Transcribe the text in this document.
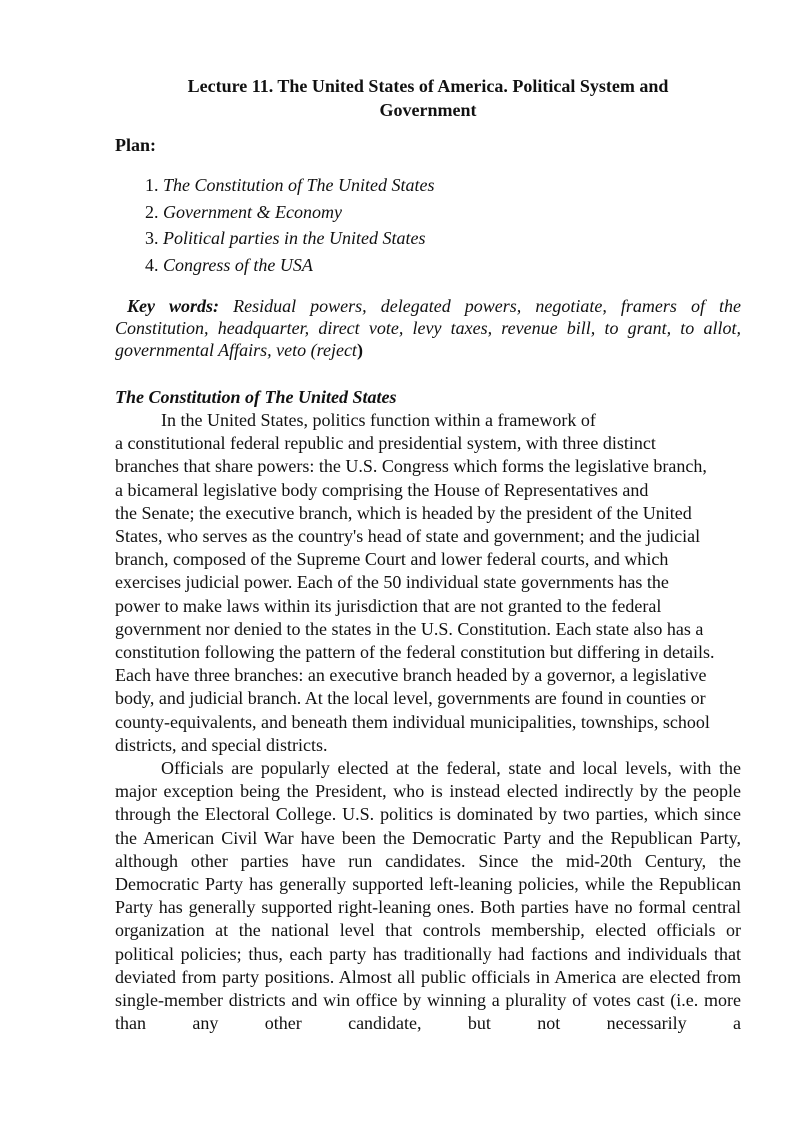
Lecture 11. The United States of America. Political System and
Government

Plan:
1. The Constitution of The United States
2. Government & Economy
3. Political parties in the United States
4. Congress of the USA
Key words: Residual powers, delegated powers, negotiate, framers of the Constitution, headquarter, direct vote, levy taxes, revenue bill, to grant, to allot, governmental Affairs, veto (reject)
The Constitution of The United States
In the United States, politics function within a framework of
a constitutional federal republic and presidential system, with three distinct
branches that share powers: the U.S. Congress which forms the legislative branch,
a bicameral legislative body comprising the House of Representatives and
the Senate; the executive branch, which is headed by the president of the United
States, who serves as the country's head of state and government; and the judicial
branch, composed of the Supreme Court and lower federal courts, and which
exercises judicial power. Each of the 50 individual state governments has the
power to make laws within its jurisdiction that are not granted to the federal
government nor denied to the states in the U.S. Constitution. Each state also has a
constitution following the pattern of the federal constitution but differing in details.
Each have three branches: an executive branch headed by a governor, a legislative
body, and judicial branch. At the local level, governments are found in counties or
county-equivalents, and beneath them individual municipalities, townships, school
districts, and special districts.

Officials are popularly elected at the federal, state and local levels, with the major exception being the President, who is instead elected indirectly by the people through the Electoral College. U.S. politics is dominated by two parties, which since the American Civil War have been the Democratic Party and the Republican Party, although other parties have run candidates. Since the mid-20th Century, the Democratic Party has generally supported left-leaning policies, while the Republican Party has generally supported right-leaning ones. Both parties have no formal central organization at the national level that controls membership, elected officials or political policies; thus, each party has traditionally had factions and individuals that deviated from party positions. Almost all public officials in America are elected from single-member districts and win office by winning a plurality of votes cast (i.e. more than any other candidate, but not necessarily a
